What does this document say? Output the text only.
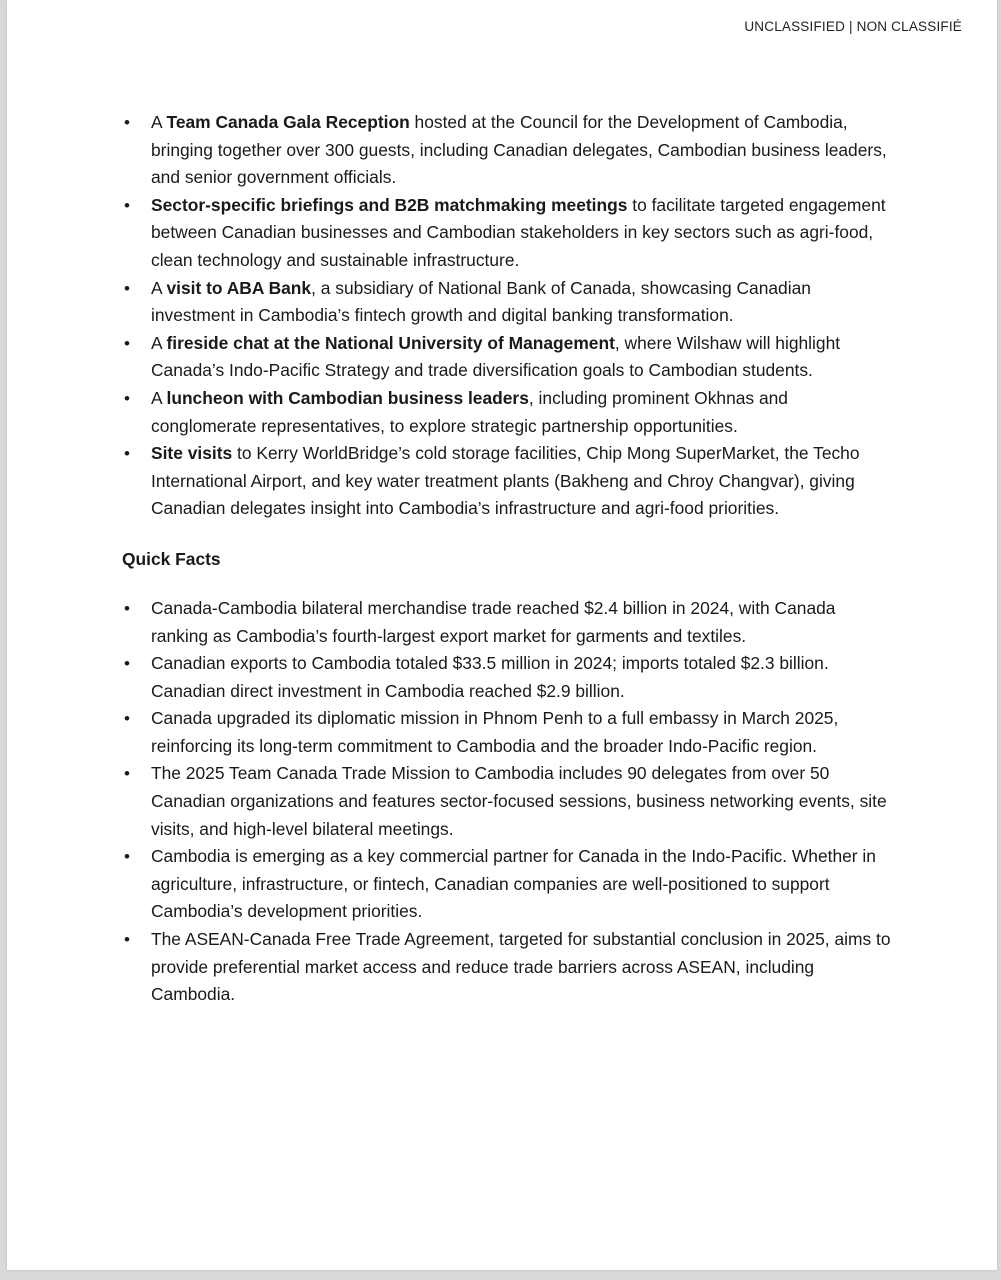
UNCLASSIFIED | NON CLASSIFIÉ
• A Team Canada Gala Reception hosted at the Council for the Development of Cambodia, bringing together over 300 guests, including Canadian delegates, Cambodian business leaders, and senior government officials.
• Sector-specific briefings and B2B matchmaking meetings to facilitate targeted engagement between Canadian businesses and Cambodian stakeholders in key sectors such as agri-food, clean technology and sustainable infrastructure.
• A visit to ABA Bank, a subsidiary of National Bank of Canada, showcasing Canadian investment in Cambodia’s fintech growth and digital banking transformation.
• A fireside chat at the National University of Management, where Wilshaw will highlight Canada’s Indo-Pacific Strategy and trade diversification goals to Cambodian students.
• A luncheon with Cambodian business leaders, including prominent Okhnas and conglomerate representatives, to explore strategic partnership opportunities.
• Site visits to Kerry WorldBridge’s cold storage facilities, Chip Mong SuperMarket, the Techo International Airport, and key water treatment plants (Bakheng and Chroy Changvar), giving Canadian delegates insight into Cambodia’s infrastructure and agri-food priorities.
Quick Facts
• Canada-Cambodia bilateral merchandise trade reached $2.4 billion in 2024, with Canada ranking as Cambodia’s fourth-largest export market for garments and textiles.
• Canadian exports to Cambodia totaled $33.5 million in 2024; imports totaled $2.3 billion. Canadian direct investment in Cambodia reached $2.9 billion.
• Canada upgraded its diplomatic mission in Phnom Penh to a full embassy in March 2025, reinforcing its long-term commitment to Cambodia and the broader Indo-Pacific region.
• The 2025 Team Canada Trade Mission to Cambodia includes 90 delegates from over 50 Canadian organizations and features sector-focused sessions, business networking events, site visits, and high-level bilateral meetings.
• Cambodia is emerging as a key commercial partner for Canada in the Indo-Pacific. Whether in agriculture, infrastructure, or fintech, Canadian companies are well-positioned to support Cambodia’s development priorities.
• The ASEAN-Canada Free Trade Agreement, targeted for substantial conclusion in 2025, aims to provide preferential market access and reduce trade barriers across ASEAN, including Cambodia.
